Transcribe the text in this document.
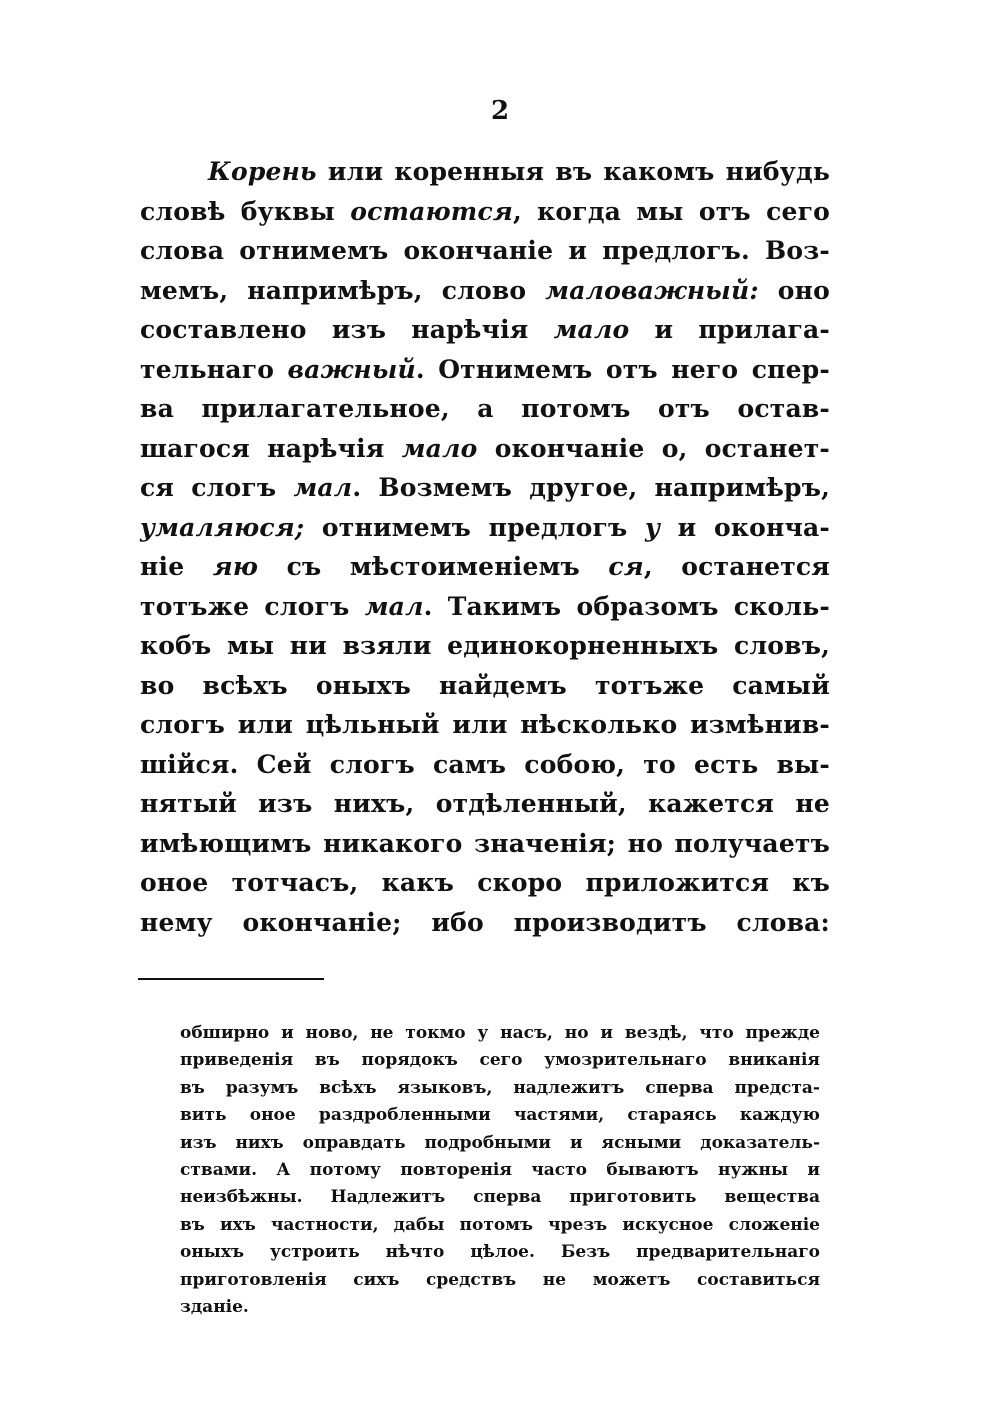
2
Корень или коренныя въ какомъ нибудь
словѣ буквы остаются, когда мы отъ сего
слова отнимемъ окончаніе и предлогъ. Воз-
мемъ, напримѣръ, слово маловажный: оно
составлено изъ нарѣчія мало и прилага-
тельнаго важный. Отнимемъ отъ него спер-
ва прилагательное, а потомъ отъ остав-
шагося нарѣчія мало окончаніе о, останет-
ся слогъ мал. Возмемъ другое, напримѣръ,
умаляюся; отнимемъ предлогъ у и оконча-
ніе яю съ мѣстоименіемъ ся, останется
тотъже слогъ мал. Такимъ образомъ сколь-
кобъ мы ни взяли единокорненныхъ словъ,
во всѣхъ оныхъ найдемъ тотъже самый
слогъ или цѣльный или нѣсколько измѣнив-
шійся. Сей слогъ самъ собою, то есть вы-
нятый изъ нихъ, отдѣленный, кажется не
имѣющимъ никакого значенія; но получаетъ
оное тотчасъ, какъ скоро приложится къ
нему окончаніе; ибо производитъ слова:
обширно и ново, не токмо у насъ, но и вездѣ, что прежде
приведенія въ порядокъ сего умозрительнаго вниканія
въ разумъ всѣхъ языковъ, надлежитъ сперва предста-
вить оное раздробленными частями, стараясь каждую
изъ нихъ оправдать подробными и ясными доказатель-
ствами. А потому повторенія часто бываютъ нужны и
неизбѣжны. Надлежитъ сперва приготовить вещества
въ ихъ частности, дабы потомъ чрезъ искусное сложеніе
оныхъ устроить нѣчто цѣлое. Безъ предварительнаго
приготовленія сихъ средствъ не можетъ составиться
зданіе.
